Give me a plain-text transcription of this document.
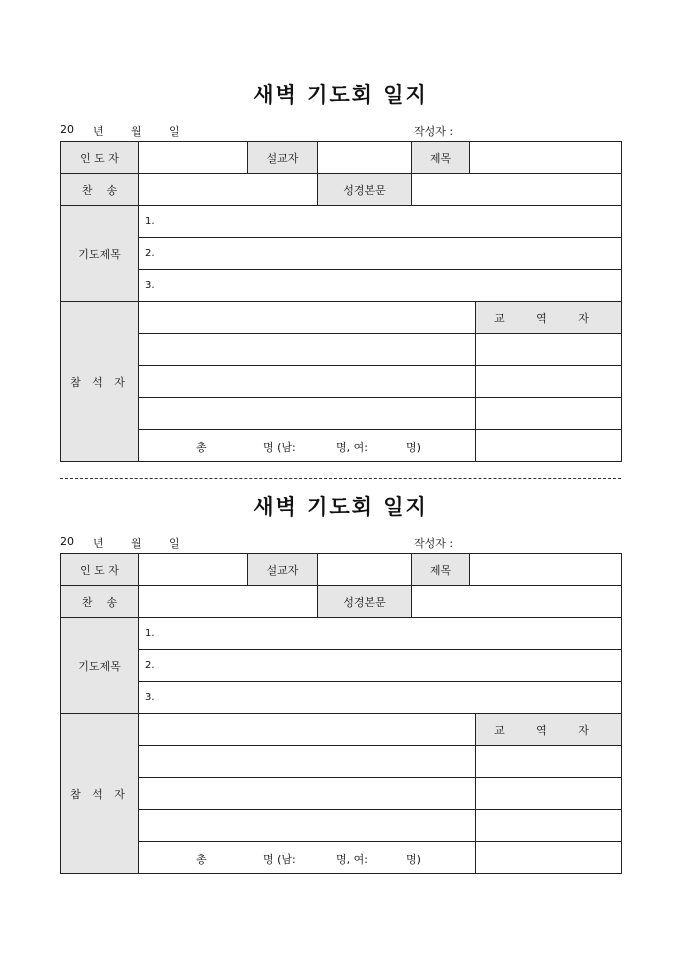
새벽 기도회 일지
20 년 월 일	작성자 :
인 도 자		설교자		제목		
찬    송			성경본문			
기도제목	1.					
	2.					
	3.					
참 석 자						교 역 자

	총 명 (남: 명, 여: 명)					

새벽 기도회 일지
20 년 월 일	작성자 :
인 도 자		설교자		제목		
찬    송			성경본문			
기도제목	1.					
	2.					
	3.					
참 석 자						교 역 자

	총 명 (남: 명, 여: 명)					
